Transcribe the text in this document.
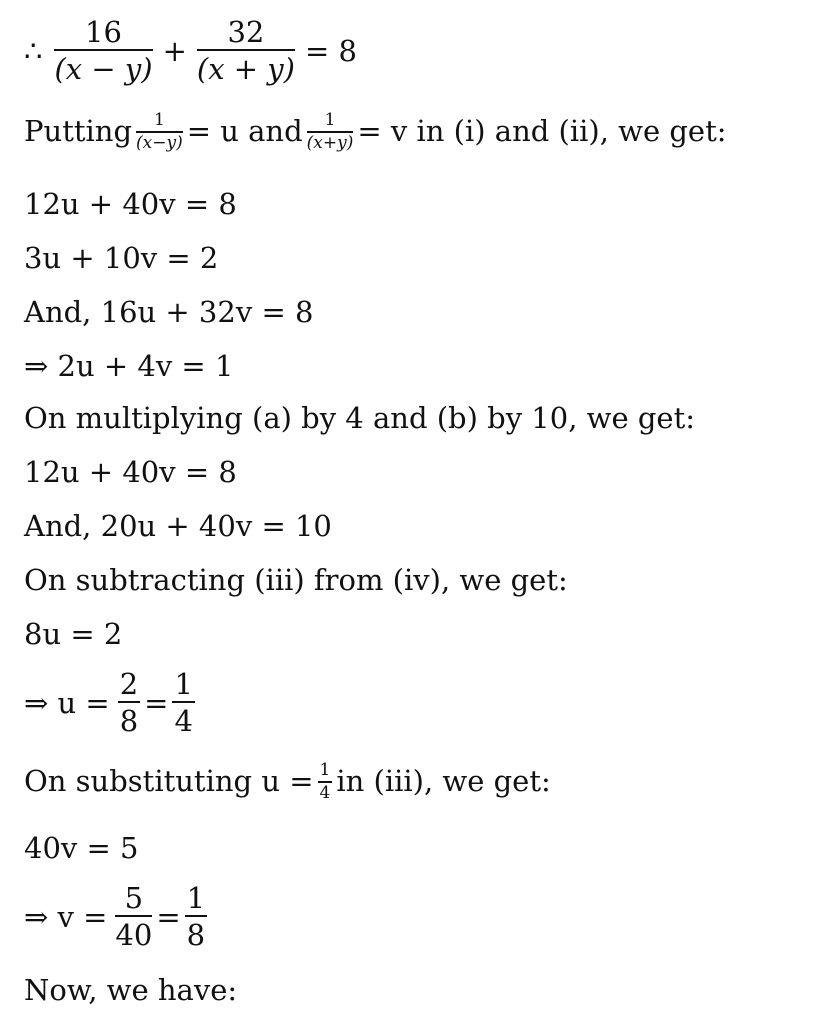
∴ $\frac{16}{(x - y)} + \frac{32}{(x + y)} = 8$
Putting $\frac{1}{(x-y)} = u$ and $\frac{1}{(x+y)} = v$ in (i) and (ii), we get:
12u + 40v = 8
3u + 10v = 2
And, 16u + 32v = 8
⇒ 2u + 4v = 1
On multiplying (a) by 4 and (b) by 10, we get:
12u + 40v = 8
And, 20u + 40v = 10
On subtracting (iii) from (iv), we get:
8u = 2
⇒ $u = \frac{2}{8} = \frac{1}{4}$
On substituting $u = \frac{1}{4}$ in (iii), we get:
40v = 5
⇒ $v = \frac{5}{40} = \frac{1}{8}$
Now, we have:
